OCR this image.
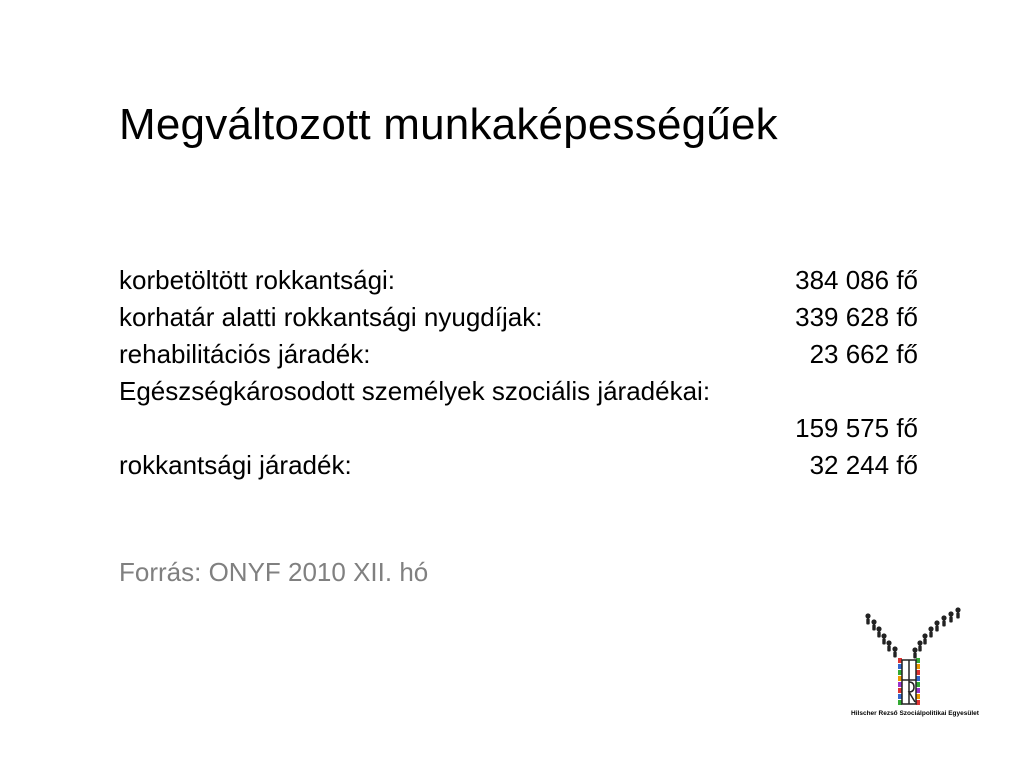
Megváltozott munkaképességűek
korbetöltött rokkantsági:	384 086 fő
korhatár alatti rokkantsági nyugdíjak:	339 628 fő
rehabilitációs járadék:	23 662 fő
Egészségkárosodott személyek szociális járadékai:
159 575 fő
rokkantsági járadék:	32 244 fő
Forrás: ONYF 2010 XII. hó
Hilscher Rezső Szociálpolitikai Egyesület
